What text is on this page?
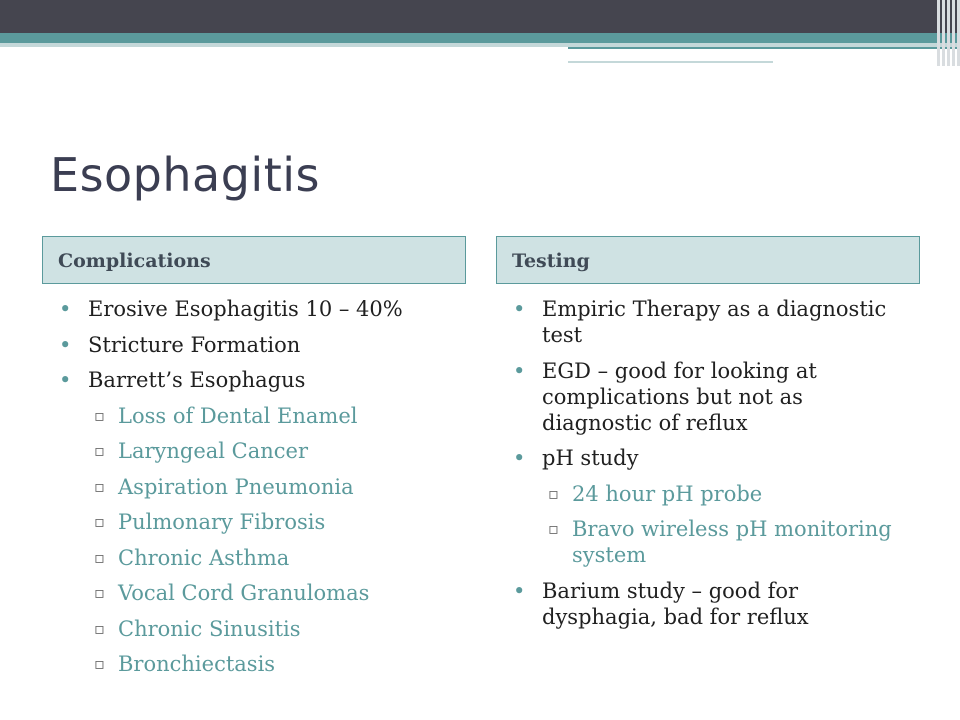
Esophagitis
Complications
• Erosive Esophagitis 10 – 40%
• Stricture Formation
• Barrett’s Esophagus
▫ Loss of Dental Enamel
▫ Laryngeal Cancer
▫ Aspiration Pneumonia
▫ Pulmonary Fibrosis
▫ Chronic Asthma
▫ Vocal Cord Granulomas
▫ Chronic Sinusitis
▫ Bronchiectasis
Testing
• Empiric Therapy as a diagnostic test
• EGD – good for looking at complications but not as diagnostic of reflux
• pH study
▫ 24 hour pH probe
▫ Bravo wireless pH monitoring system
• Barium study – good for dysphagia, bad for reflux
